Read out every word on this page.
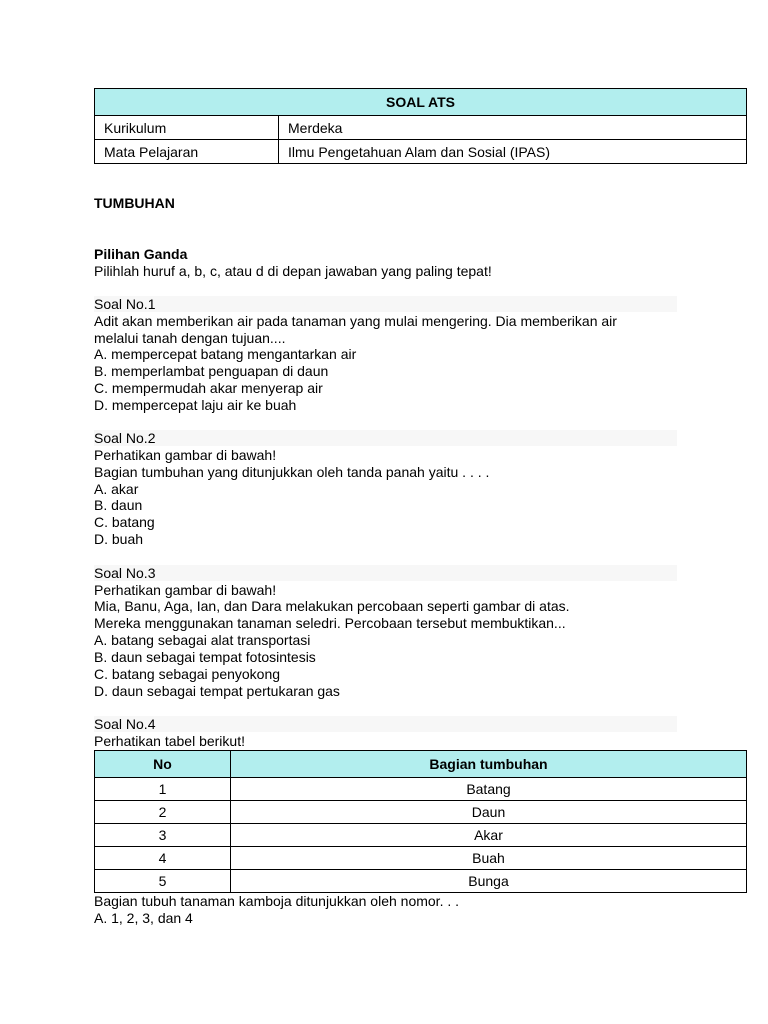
SOAL ATS	
Kurikulum	Merdeka
Mata Pelajaran	Ilmu Pengetahuan Alam dan Sosial (IPAS)
TUMBUHAN
Pilihan Ganda
Pilihlah huruf a, b, c, atau d di depan jawaban yang paling tepat!
Soal No.1
Adit akan memberikan air pada tanaman yang mulai mengering. Dia memberikan air
melalui tanah dengan tujuan....
A. mempercepat batang mengantarkan air
B. memperlambat penguapan di daun
C. mempermudah akar menyerap air
D. mempercepat laju air ke buah
Soal No.2
Perhatikan gambar di bawah!
Bagian tumbuhan yang ditunjukkan oleh tanda panah yaitu . . . .
A. akar
B. daun
C. batang
D. buah
Soal No.3
Perhatikan gambar di bawah!
Mia, Banu, Aga, Ian, dan Dara melakukan percobaan seperti gambar di atas.
Mereka menggunakan tanaman seledri. Percobaan tersebut membuktikan...
A. batang sebagai alat transportasi
B. daun sebagai tempat fotosintesis
C. batang sebagai penyokong
D. daun sebagai tempat pertukaran gas
Soal No.4
Perhatikan tabel berikut!
No	Bagian tumbuhan
1	Batang
2	Daun
3	Akar
4	Buah
5	Bunga
Bagian tubuh tanaman kamboja ditunjukkan oleh nomor. . .
A. 1, 2, 3, dan 4
